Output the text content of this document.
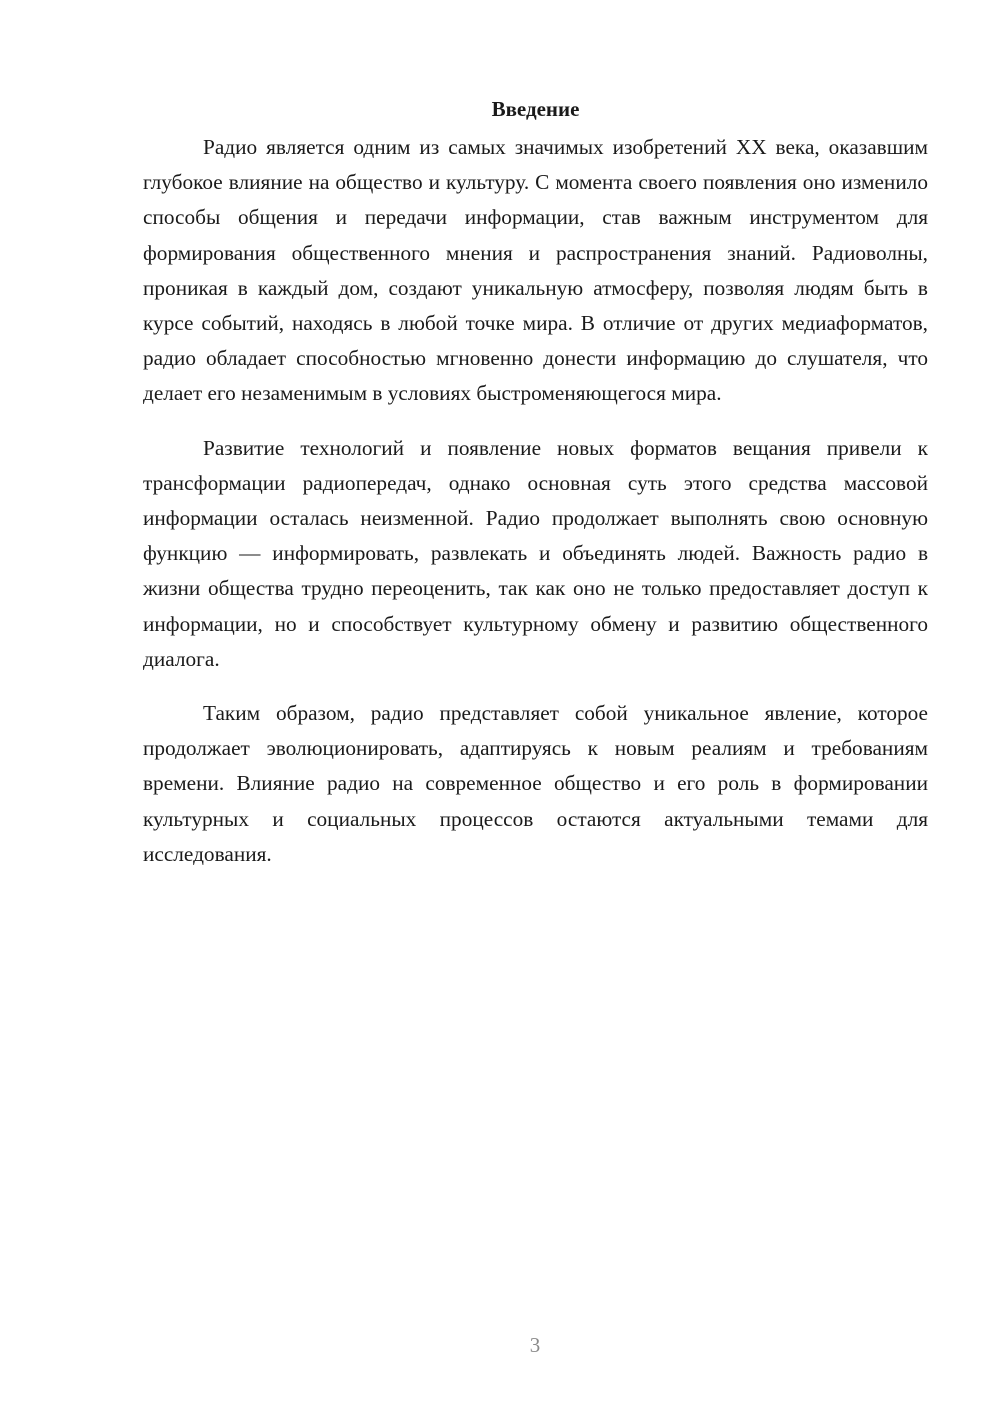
Введение

Радио является одним из самых значимых изобретений XX века, оказавшим глубокое влияние на общество и культуру. С момента своего появления оно изменило способы общения и передачи информации, став важным инструментом для формирования общественного мнения и распространения знаний. Радиоволны, проникая в каждый дом, создают уникальную атмосферу, позволяя людям быть в курсе событий, находясь в любой точке мира. В отличие от других медиаформатов, радио обладает способностью мгновенно донести информацию до слушателя, что делает его незаменимым в условиях быстроменяющегося мира.

Развитие технологий и появление новых форматов вещания привели к трансформации радиопередач, однако основная суть этого средства массовой информации осталась неизменной. Радио продолжает выполнять свою основную функцию — информировать, развлекать и объединять людей. Важность радио в жизни общества трудно переоценить, так как оно не только предоставляет доступ к информации, но и способствует культурному обмену и развитию общественного диалога.

Таким образом, радио представляет собой уникальное явление, которое продолжает эволюционировать, адаптируясь к новым реалиям и требованиям времени. Влияние радио на современное общество и его роль в формировании культурных и социальных процессов остаются актуальными темами для исследования.

3
